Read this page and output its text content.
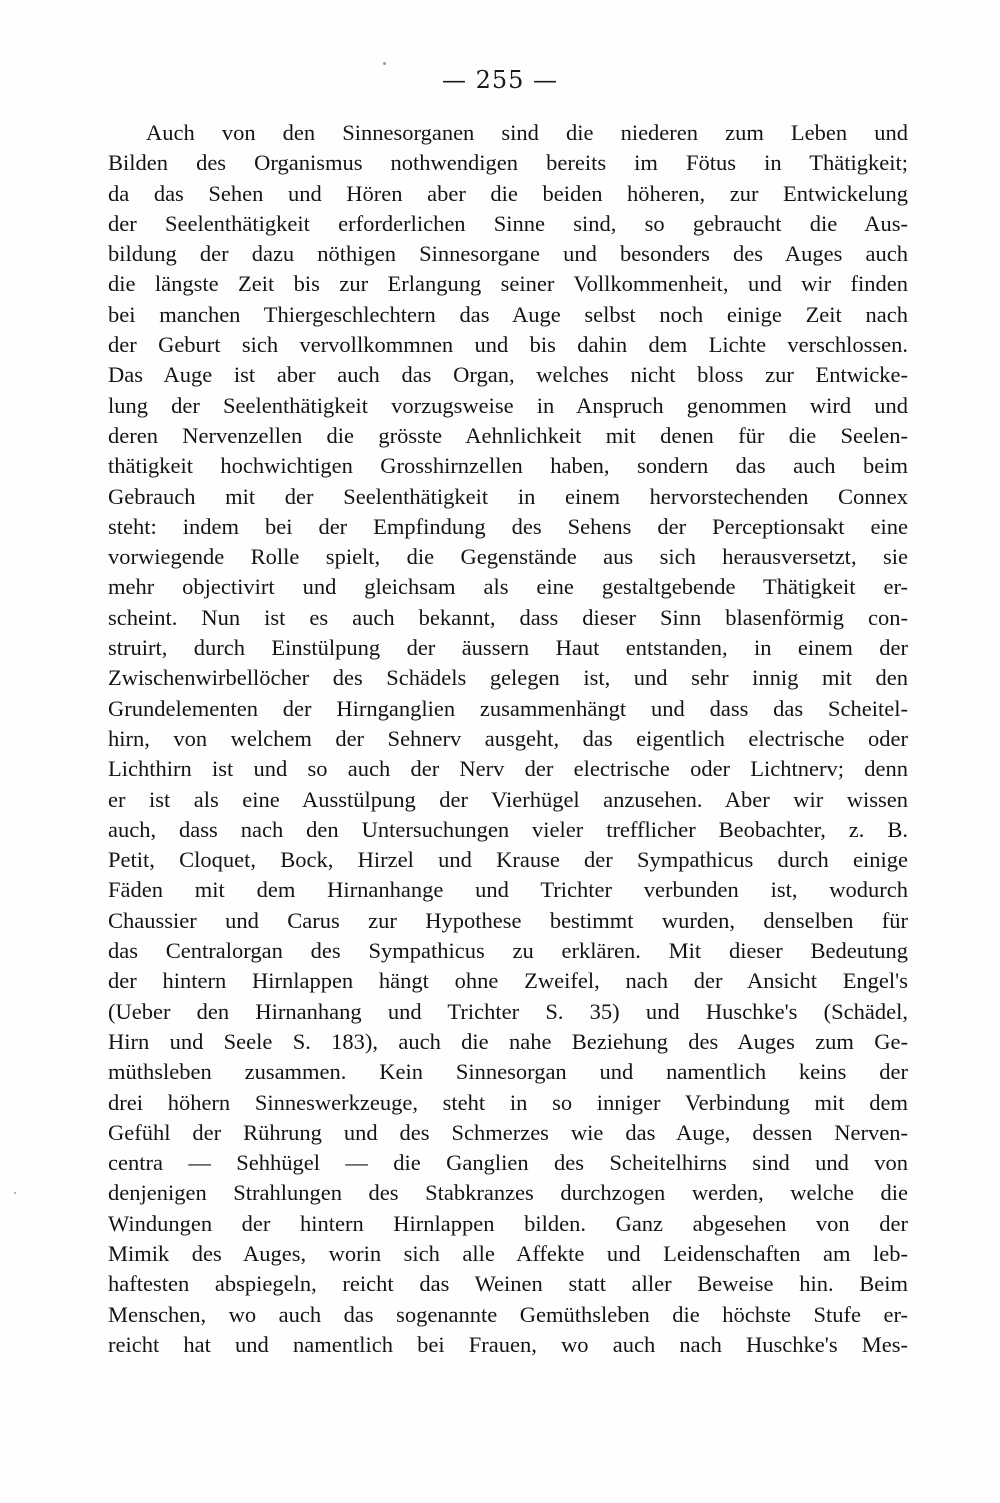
— 255 —
Auch von den Sinnesorganen sind die niederen zum Leben und
Bilden des Organismus nothwendigen bereits im Fötus in Thätigkeit;
da das Sehen und Hören aber die beiden höheren, zur Entwickelung
der Seelenthätigkeit erforderlichen Sinne sind, so gebraucht die Aus-
bildung der dazu nöthigen Sinnesorgane und besonders des Auges auch
die längste Zeit bis zur Erlangung seiner Vollkommenheit, und wir finden
bei manchen Thiergeschlechtern das Auge selbst noch einige Zeit nach
der Geburt sich vervollkommnen und bis dahin dem Lichte verschlossen.
Das Auge ist aber auch das Organ, welches nicht bloss zur Entwicke-
lung der Seelenthätigkeit vorzugsweise in Anspruch genommen wird und
deren Nervenzellen die grösste Aehnlichkeit mit denen für die Seelen-
thätigkeit hochwichtigen Grosshirnzellen haben, sondern das auch beim
Gebrauch mit der Seelenthätigkeit in einem hervorstechenden Connex
steht: indem bei der Empfindung des Sehens der Perceptionsakt eine
vorwiegende Rolle spielt, die Gegenstände aus sich herausversetzt, sie
mehr objectivirt und gleichsam als eine gestaltgebende Thätigkeit er-
scheint. Nun ist es auch bekannt, dass dieser Sinn blasenförmig con-
struirt, durch Einstülpung der äussern Haut entstanden, in einem der
Zwischenwirbellöcher des Schädels gelegen ist, und sehr innig mit den
Grundelementen der Hirnganglien zusammenhängt und dass das Scheitel-
hirn, von welchem der Sehnerv ausgeht, das eigentlich electrische oder
Lichthirn ist und so auch der Nerv der electrische oder Lichtnerv; denn
er ist als eine Ausstülpung der Vierhügel anzusehen. Aber wir wissen
auch, dass nach den Untersuchungen vieler trefflicher Beobachter, z. B.
Petit, Cloquet, Bock, Hirzel und Krause der Sympathicus durch einige
Fäden mit dem Hirnanhange und Trichter verbunden ist, wodurch
Chaussier und Carus zur Hypothese bestimmt wurden, denselben für
das Centralorgan des Sympathicus zu erklären. Mit dieser Bedeutung
der hintern Hirnlappen hängt ohne Zweifel, nach der Ansicht Engel's
(Ueber den Hirnanhang und Trichter S. 35) und Huschke's (Schädel,
Hirn und Seele S. 183), auch die nahe Beziehung des Auges zum Ge-
müthsleben zusammen. Kein Sinnesorgan und namentlich keins der
drei höhern Sinneswerkzeuge, steht in so inniger Verbindung mit dem
Gefühl der Rührung und des Schmerzes wie das Auge, dessen Nerven-
centra — Sehhügel — die Ganglien des Scheitelhirns sind und von
denjenigen Strahlungen des Stabkranzes durchzogen werden, welche die
Windungen der hintern Hirnlappen bilden. Ganz abgesehen von der
Mimik des Auges, worin sich alle Affekte und Leidenschaften am leb-
haftesten abspiegeln, reicht das Weinen statt aller Beweise hin. Beim
Menschen, wo auch das sogenannte Gemüthsleben die höchste Stufe er-
reicht hat und namentlich bei Frauen, wo auch nach Huschke's Mes-
